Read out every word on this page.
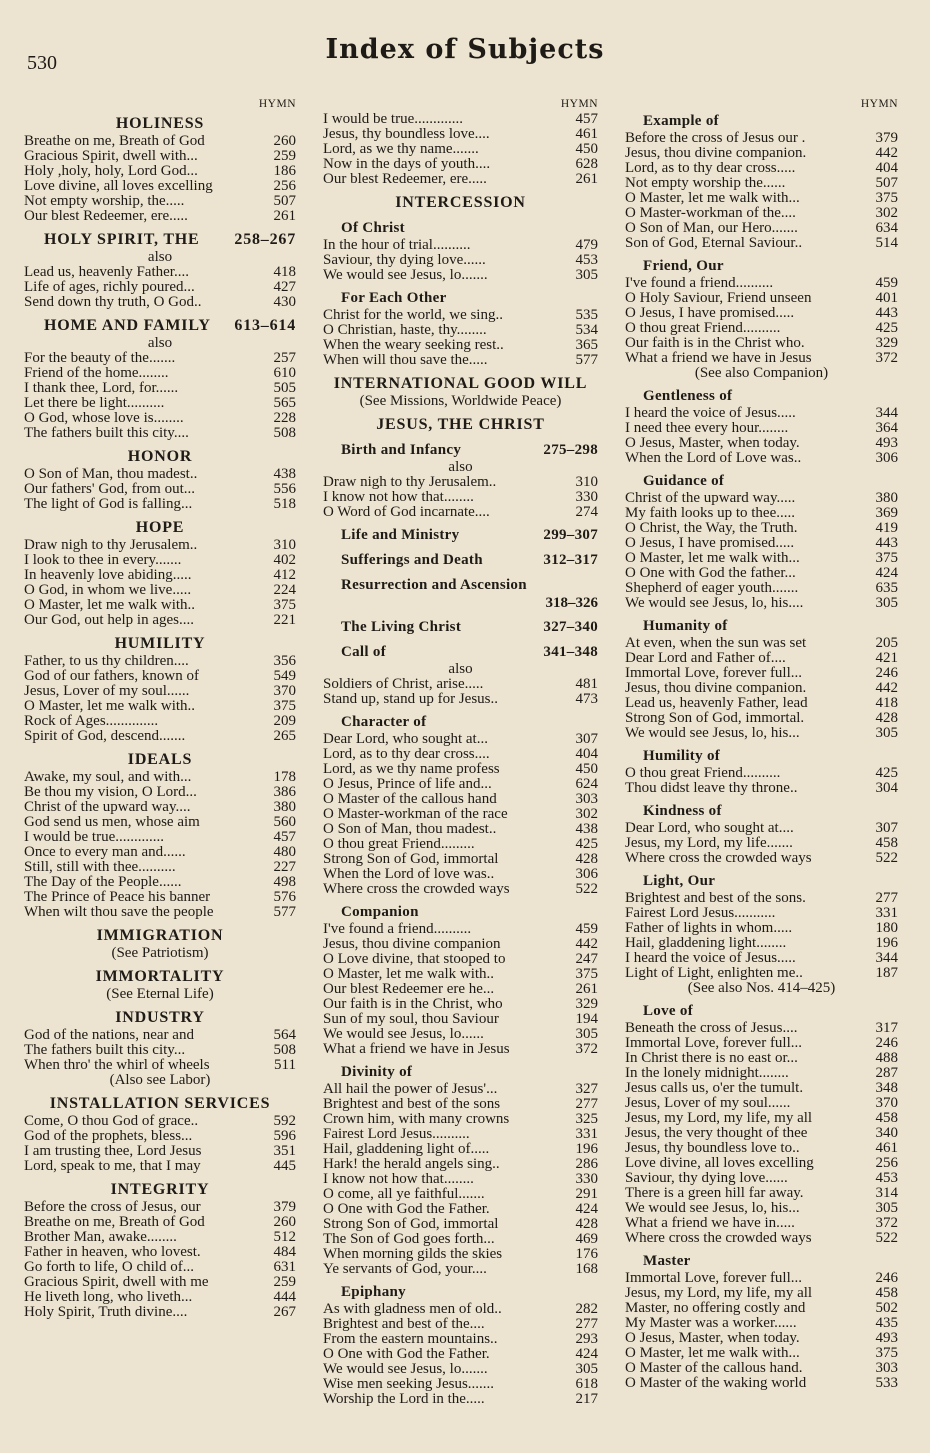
530	Index of Subjects
HYMN
HOLINESS
Breathe on me, Breath of God	260
Gracious Spirit, dwell with...	259
Holy ,holy, holy, Lord God...	186
Love divine, all loves excelling	256
Not empty worship, the.....	507
Our blest Redeemer, ere.....	261
HOLY SPIRIT, THE 258–267
also
Lead us, heavenly Father....	418
Life of ages, richly poured...	427
Send down thy truth, O God..	430
HOME AND FAMILY 613–614
also
For the beauty of the.......	257
Friend of the home........	610
I thank thee, Lord, for......	505
Let there be light..........	565
O God, whose love is........	228
The fathers built this city....	508
HONOR
O Son of Man, thou madest..	438
Our fathers' God, from out...	556
The light of God is falling...	518
HOPE
Draw nigh to thy Jerusalem..	310
I look to thee in every.......	402
In heavenly love abiding.....	412
O God, in whom we live.....	224
O Master, let me walk with..	375
Our God, out help in ages....	221
HUMILITY
Father, to us thy children....	356
God of our fathers, known of	549
Jesus, Lover of my soul......	370
O Master, let me walk with..	375
Rock of Ages..............	209
Spirit of God, descend.......	265
IDEALS
Awake, my soul, and with...	178
Be thou my vision, O Lord...	386
Christ of the upward way....	380
God send us men, whose aim	560
I would be true.............	457
Once to every man and......	480
Still, still with thee..........	227
The Day of the People......	498
The Prince of Peace his banner	576
When wilt thou save the people	577
IMMIGRATION
(See Patriotism)
IMMORTALITY
(See Eternal Life)
INDUSTRY
God of the nations, near and	564
The fathers built this city...	508
When thro' the whirl of wheels	511
(Also see Labor)
INSTALLATION SERVICES
Come, O thou God of grace..	592
God of the prophets, bless...	596
I am trusting thee, Lord Jesus	351
Lord, speak to me, that I may	445
INTEGRITY
Before the cross of Jesus, our	379
Breathe on me, Breath of God	260
Brother Man, awake........	512
Father in heaven, who lovest.	484
Go forth to life, O child of...	631
Gracious Spirit, dwell with me	259
He liveth long, who liveth...	444
Holy Spirit, Truth divine....	267
HYMN
I would be true.............	457
Jesus, thy boundless love....	461
Lord, as we thy name.......	450
Now in the days of youth....	628
Our blest Redeemer, ere.....	261
INTERCESSION
Of Christ
In the hour of trial..........	479
Saviour, thy dying love......	453
We would see Jesus, lo.......	305
For Each Other
Christ for the world, we sing..	535
O Christian, haste, thy........	534
When the weary seeking rest..	365
When will thou save the.....	577
INTERNATIONAL GOOD WILL
(See Missions, Worldwide Peace)
JESUS, THE CHRIST
Birth and Infancy	275–298
also
Draw nigh to thy Jerusalem..	310
I know not how that........	330
O Word of God incarnate....	274
Life and Ministry	299–307
Sufferings and Death	312–317
Resurrection and Ascension
318–326
The Living Christ	327–340
Call of	341–348
also
Soldiers of Christ, arise.....	481
Stand up, stand up for Jesus..	473
Character of
Dear Lord, who sought at...	307
Lord, as to thy dear cross....	404
Lord, as we thy name profess	450
O Jesus, Prince of life and...	624
O Master of the callous hand	303
O Master-workman of the race	302
O Son of Man, thou madest..	438
O thou great Friend.........	425
Strong Son of God, immortal	428
When the Lord of love was..	306
Where cross the crowded ways	522
Companion
I've found a friend..........	459
Jesus, thou divine companion	442
O Love divine, that stooped to	247
O Master, let me walk with..	375
Our blest Redeemer ere he...	261
Our faith is in the Christ, who	329
Sun of my soul, thou Saviour	194
We would see Jesus, lo......	305
What a friend we have in Jesus	372
Divinity of
All hail the power of Jesus'...	327
Brightest and best of the sons	277
Crown him, with many crowns	325
Fairest Lord Jesus..........	331
Hail, gladdening light of.....	196
Hark! the herald angels sing..	286
I know not how that........	330
O come, all ye faithful.......	291
O One with God the Father.	424
Strong Son of God, immortal	428
The Son of God goes forth...	469
When morning gilds the skies	176
Ye servants of God, your....	168
Epiphany
As with gladness men of old..	282
Brightest and best of the....	277
From the eastern mountains..	293
O One with God the Father.	424
We would see Jesus, lo.......	305
Wise men seeking Jesus.......	618
Worship the Lord in the.....	217
HYMN
Example of
Before the cross of Jesus our .	379
Jesus, thou divine companion.	442
Lord, as to thy dear cross.....	404
Not empty worship the......	507
O Master, let me walk with...	375
O Master-workman of the....	302
O Son of Man, our Hero.......	634
Son of God, Eternal Saviour..	514
Friend, Our
I've found a friend..........	459
O Holy Saviour, Friend unseen	401
O Jesus, I have promised.....	443
O thou great Friend..........	425
Our faith is in the Christ who.	329
What a friend we have in Jesus	372
(See also Companion)
Gentleness of
I heard the voice of Jesus.....	344
I need thee every hour........	364
O Jesus, Master, when today.	493
When the Lord of Love was..	306
Guidance of
Christ of the upward way.....	380
My faith looks up to thee.....	369
O Christ, the Way, the Truth.	419
O Jesus, I have promised.....	443
O Master, let me walk with...	375
O One with God the father...	424
Shepherd of eager youth.......	635
We would see Jesus, lo, his....	305
Humanity of
At even, when the sun was set	205
Dear Lord and Father of....	421
Immortal Love, forever full...	246
Jesus, thou divine companion.	442
Lead us, heavenly Father, lead	418
Strong Son of God, immortal.	428
We would see Jesus, lo, his...	305
Humility of
O thou great Friend..........	425
Thou didst leave thy throne..	304
Kindness of
Dear Lord, who sought at....	307
Jesus, my Lord, my life.......	458
Where cross the crowded ways	522
Light, Our
Brightest and best of the sons.	277
Fairest Lord Jesus...........	331
Father of lights in whom.....	180
Hail, gladdening light........	196
I heard the voice of Jesus.....	344
Light of Light, enlighten me..	187
(See also Nos. 414–425)
Love of
Beneath the cross of Jesus....	317
Immortal Love, forever full...	246
In Christ there is no east or...	488
In the lonely midnight........	287
Jesus calls us, o'er the tumult.	348
Jesus, Lover of my soul......	370
Jesus, my Lord, my life, my all	458
Jesus, the very thought of thee	340
Jesus, thy boundless love to..	461
Love divine, all loves excelling	256
Saviour, thy dying love......	453
There is a green hill far away.	314
We would see Jesus, lo, his...	305
What a friend we have in.....	372
Where cross the crowded ways	522
Master
Immortal Love, forever full...	246
Jesus, my Lord, my life, my all	458
Master, no offering costly and	502
My Master was a worker......	435
O Jesus, Master, when today.	493
O Master, let me walk with...	375
O Master of the callous hand.	303
O Master of the waking world	533
